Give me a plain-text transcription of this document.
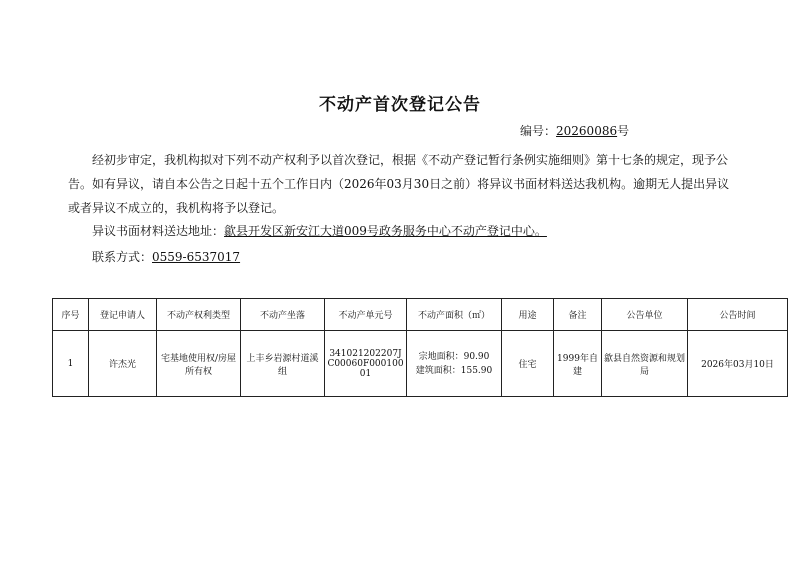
不动产首次登记公告
编号：20260086号
经初步审定，我机构拟对下列不动产权利予以首次登记，根据《不动产登记暂行条例实施细则》第十七条的规定，现予公告。如有异议，请自本公告之日起十五个工作日内（2026年03月30日之前）将异议书面材料送达我机构。逾期无人提出异议或者异议不成立的，我机构将予以登记。
异议书面材料送达地址：歙县开发区新安江大道009号政务服务中心不动产登记中心。
联系方式：0559-6537017
序号	登记申请人	不动产权利类型	不动产坐落	不动产单元号	不动产面积（㎡）	用途	备注	公告单位	公告时间
1	许杰光	宅基地使用权/房屋所有权	上丰乡岩源村道溪组	341021202207JC00060F00010001	宗地面积：90.90
建筑面积：155.90	住宅	1999年自建	歙县自然资源和规划局	2026年03月10日
